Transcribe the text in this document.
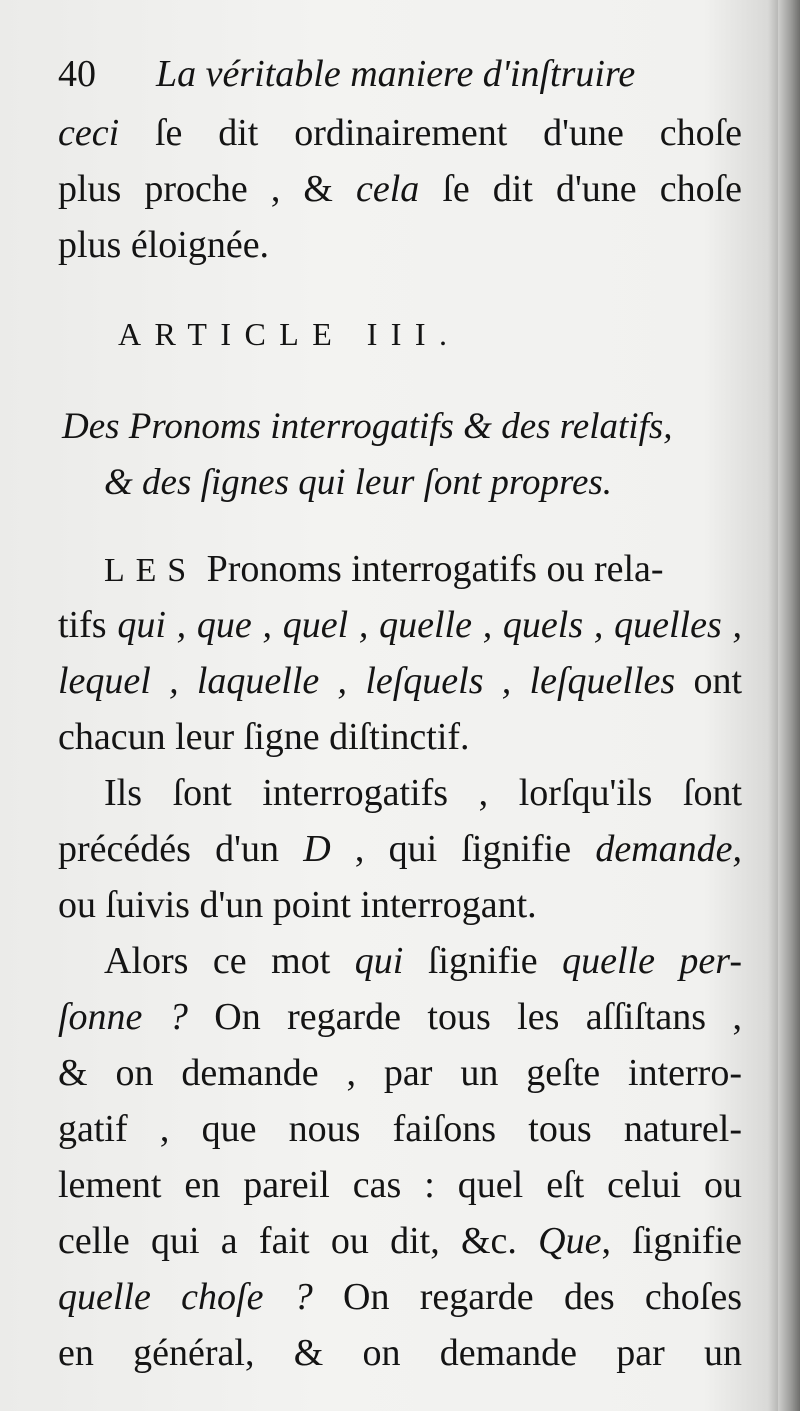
40 La véritable maniere d'inſtruire
ceci ſe dit ordinairement d'une choſe
plus proche , & cela ſe dit d'une choſe
plus éloignée.
ARTICLE III.
Des Pronoms interrogatifs & des relatifs,
& des ſignes qui leur ſont propres.
LES Pronoms interrogatifs ou rela-
tifs qui , que , quel , quelle , quels , quelles ,
lequel , laquelle , leſquels , leſquelles ont
chacun leur ſigne diſtinctif.
Ils ſont interrogatifs , lorſqu'ils ſont
précédés d'un D , qui ſignifie demande,
ou ſuivis d'un point interrogant.
Alors ce mot qui ſignifie quelle per-
ſonne ? On regarde tous les aſſiſtans ,
& on demande , par un geſte interro-
gatif , que nous faiſons tous naturel-
lement en pareil cas : quel eſt celui ou
celle qui a fait ou dit, &c. Que, ſignifie
quelle choſe ? On regarde des choſes
en général, & on demande par un
